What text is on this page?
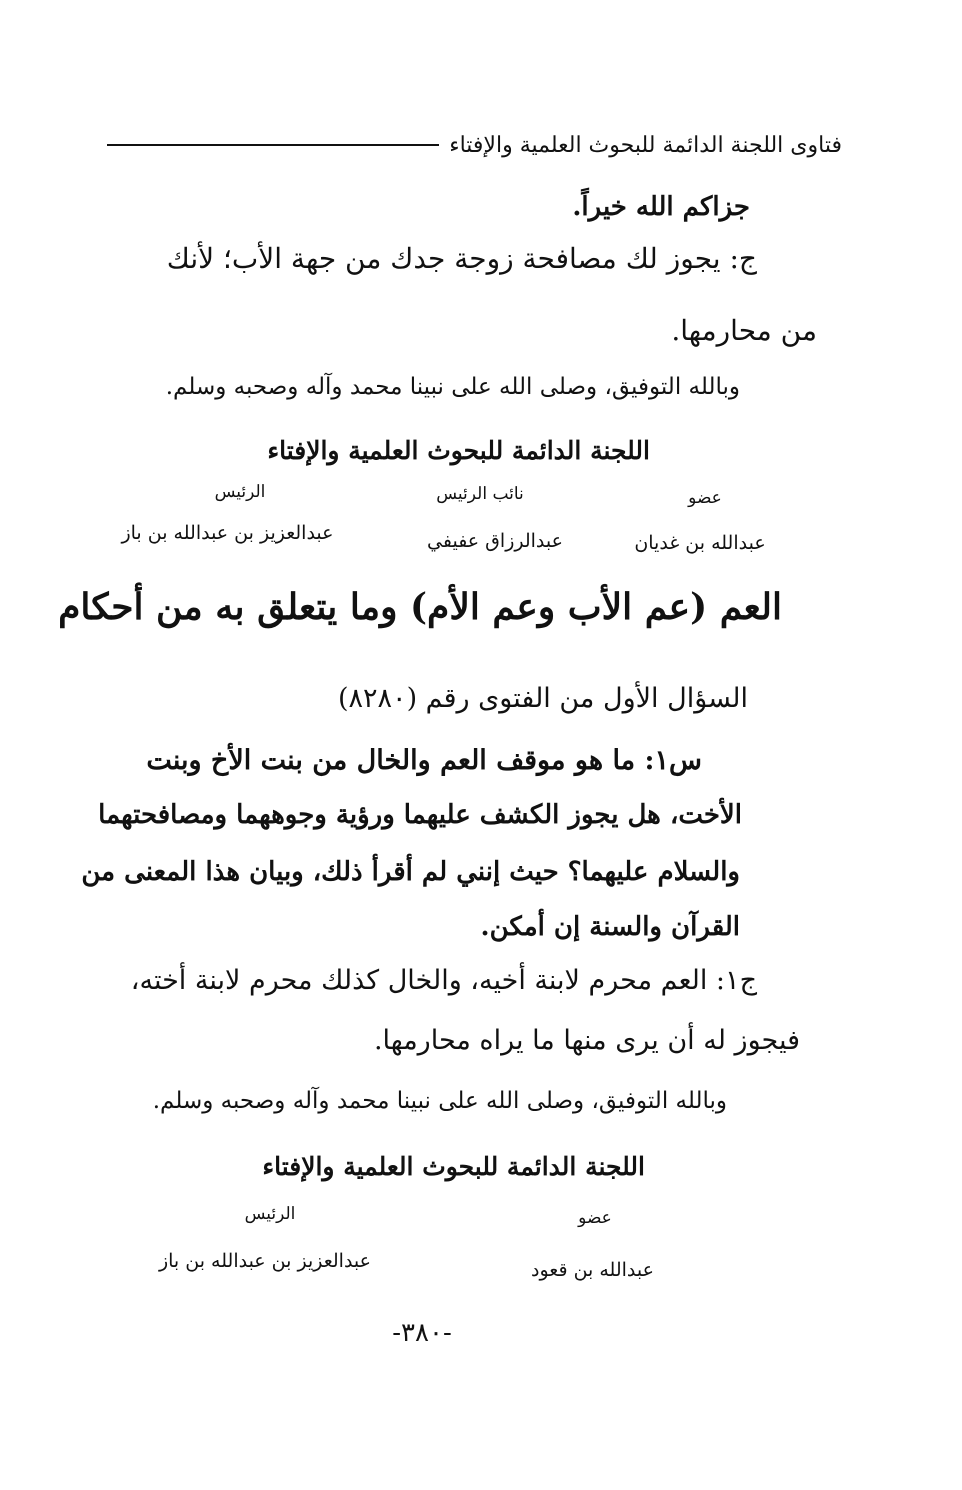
فتاوى اللجنة الدائمة للبحوث العلمية والإفتاء
جزاكم الله خيراً.
ج: يجوز لك مصافحة زوجة جدك من جهة الأب؛ لأنك
من محارمها.
وبالله التوفيق، وصلى الله على نبينا محمد وآله وصحبه وسلم.
اللجنة الدائمة للبحوث العلمية والإفتاء
عضو
نائب الرئيس
الرئيس
عبدالله بن غديان
عبدالرزاق عفيفي
عبدالعزيز بن عبدالله بن باز
العم (عم الأب وعم الأم) وما يتعلق به من أحكام
السؤال الأول من الفتوى رقم (٨٢٨٠)
س١: ما هو موقف العم والخال من بنت الأخ وبنت
الأخت، هل يجوز الكشف عليهما ورؤية وجوههما ومصافحتهما
والسلام عليهما؟ حيث إنني لم أقرأ ذلك، وبيان هذا المعنى من
القرآن والسنة إن أمكن.
ج١: العم محرم لابنة أخيه، والخال كذلك محرم لابنة أخته،
فيجوز له أن يرى منها ما يراه محارمها.
وبالله التوفيق، وصلى الله على نبينا محمد وآله وصحبه وسلم.
اللجنة الدائمة للبحوث العلمية والإفتاء
عضو
الرئيس
عبدالله بن قعود
عبدالعزيز بن عبدالله بن باز
-٣٨٠-
